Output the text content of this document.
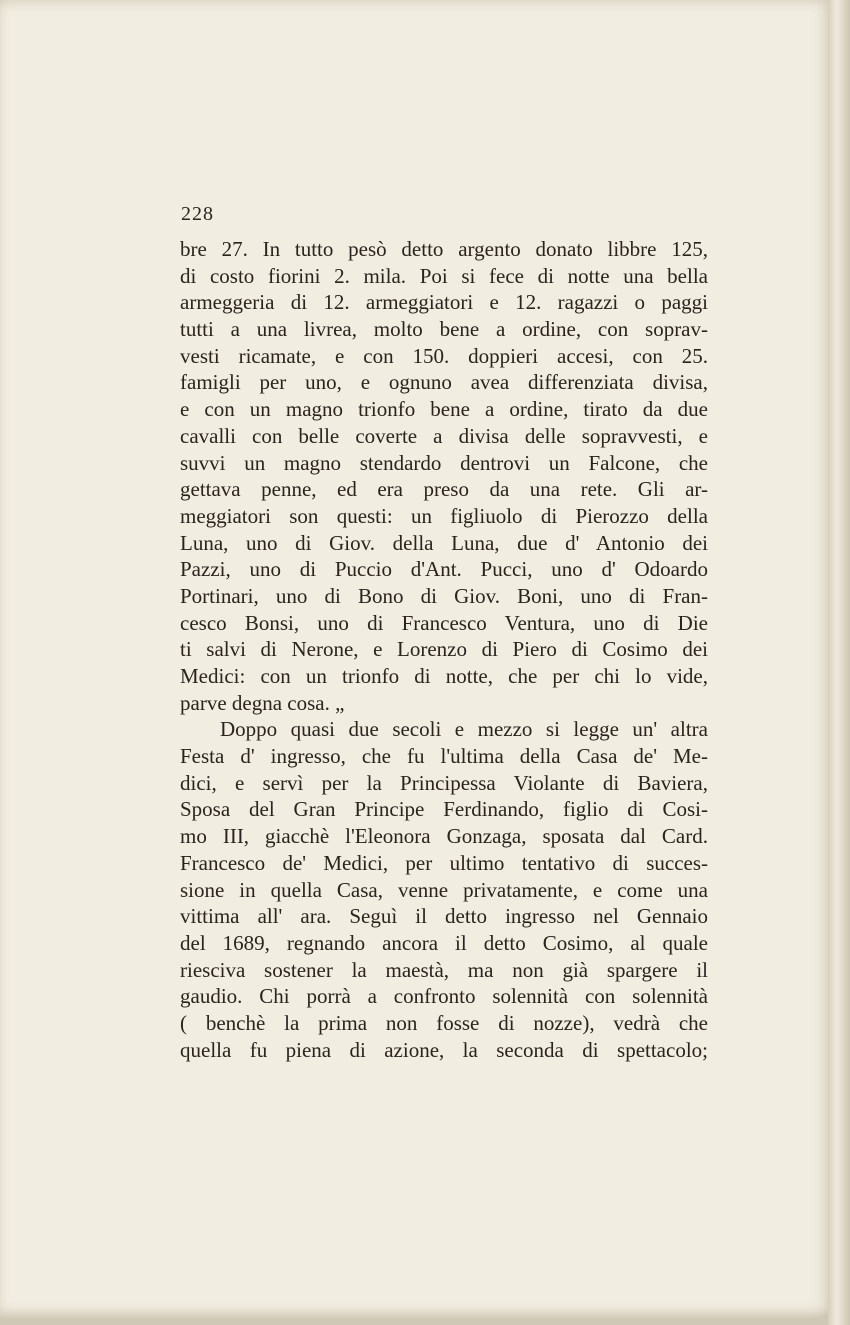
228
bre 27. In tutto pesò detto argento donato libbre 125,
di costo fiorini 2. mila. Poi si fece di notte una bella
armeggeria di 12. armeggiatori e 12. ragazzi o paggi
tutti a una livrea, molto bene a ordine, con soprav-
vesti ricamate, e con 150. doppieri accesi, con 25.
famigli per uno, e ognuno avea differenziata divisa,
e con un magno trionfo bene a ordine, tirato da due
cavalli con belle coverte a divisa delle sopravvesti, e
suvvi un magno stendardo dentrovi un Falcone, che
gettava penne, ed era preso da una rete. Gli ar-
meggiatori son questi: un figliuolo di Pierozzo della
Luna, uno di Giov. della Luna, due d' Antonio dei
Pazzi, uno di Puccio d'Ant. Pucci, uno d' Odoardo
Portinari, uno di Bono di Giov. Boni, uno di Fran-
cesco Bonsi, uno di Francesco Ventura, uno di Die
ti salvi di Nerone, e Lorenzo di Piero di Cosimo dei
Medici: con un trionfo di notte, che per chi lo vide,
parve degna cosa. „
Doppo quasi due secoli e mezzo si legge un' altra
Festa d' ingresso, che fu l'ultima della Casa de' Me-
dici, e servì per la Principessa Violante di Baviera,
Sposa del Gran Principe Ferdinando, figlio di Cosi-
mo III, giacchè l'Eleonora Gonzaga, sposata dal Card.
Francesco de' Medici, per ultimo tentativo di succes-
sione in quella Casa, venne privatamente, e come una
vittima all' ara. Seguì il detto ingresso nel Gennaio
del 1689, regnando ancora il detto Cosimo, al quale
riesciva sostener la maestà, ma non già spargere il
gaudio. Chi porrà a confronto solennità con solennità
( benchè la prima non fosse di nozze), vedrà che
quella fu piena di azione, la seconda di spettacolo;
